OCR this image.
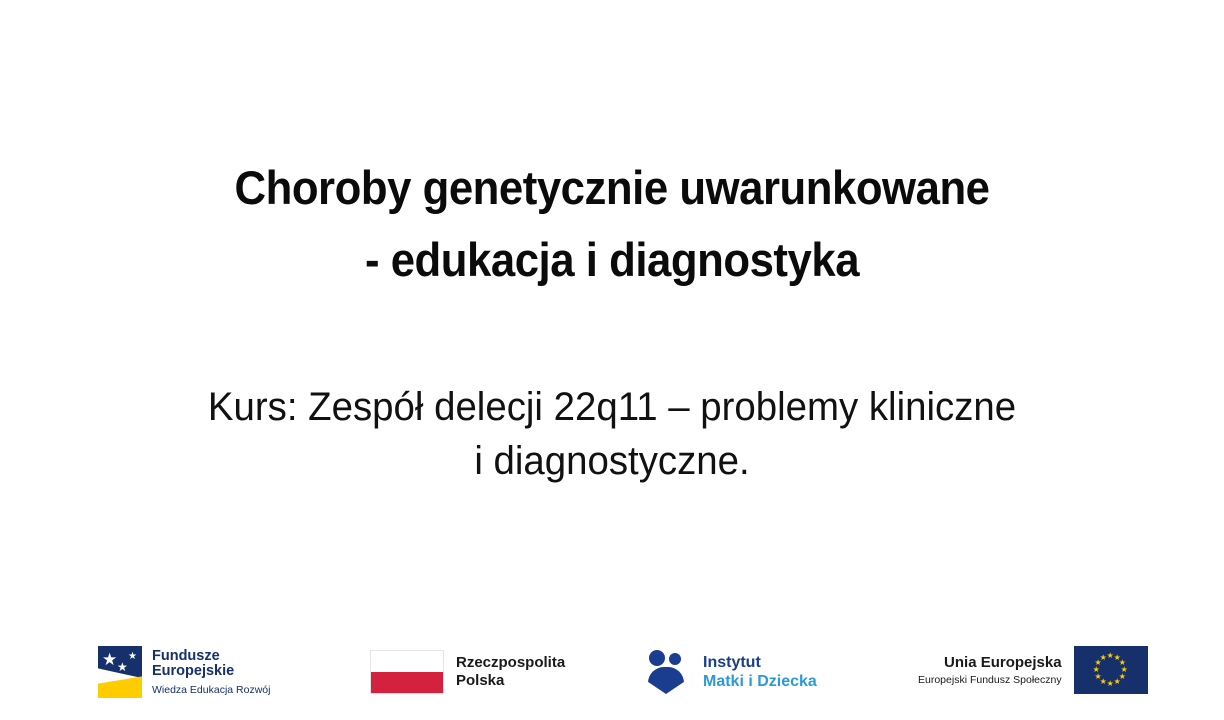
Choroby genetycznie uwarunkowane
- edukacja i diagnostyka
Kurs: Zespół delecji 22q11 – problemy kliniczne
i diagnostyczne.
★ ★
★ Fundusze
Europejskie
Wiedza Edukacja Rozwój
Rzeczpospolita
Polska
Instytut
Matki i Dziecka
Unia Europejska
Europejski Fundusz Społeczny
★ ★
★
★
★
★
★
★
★
★
★
★
